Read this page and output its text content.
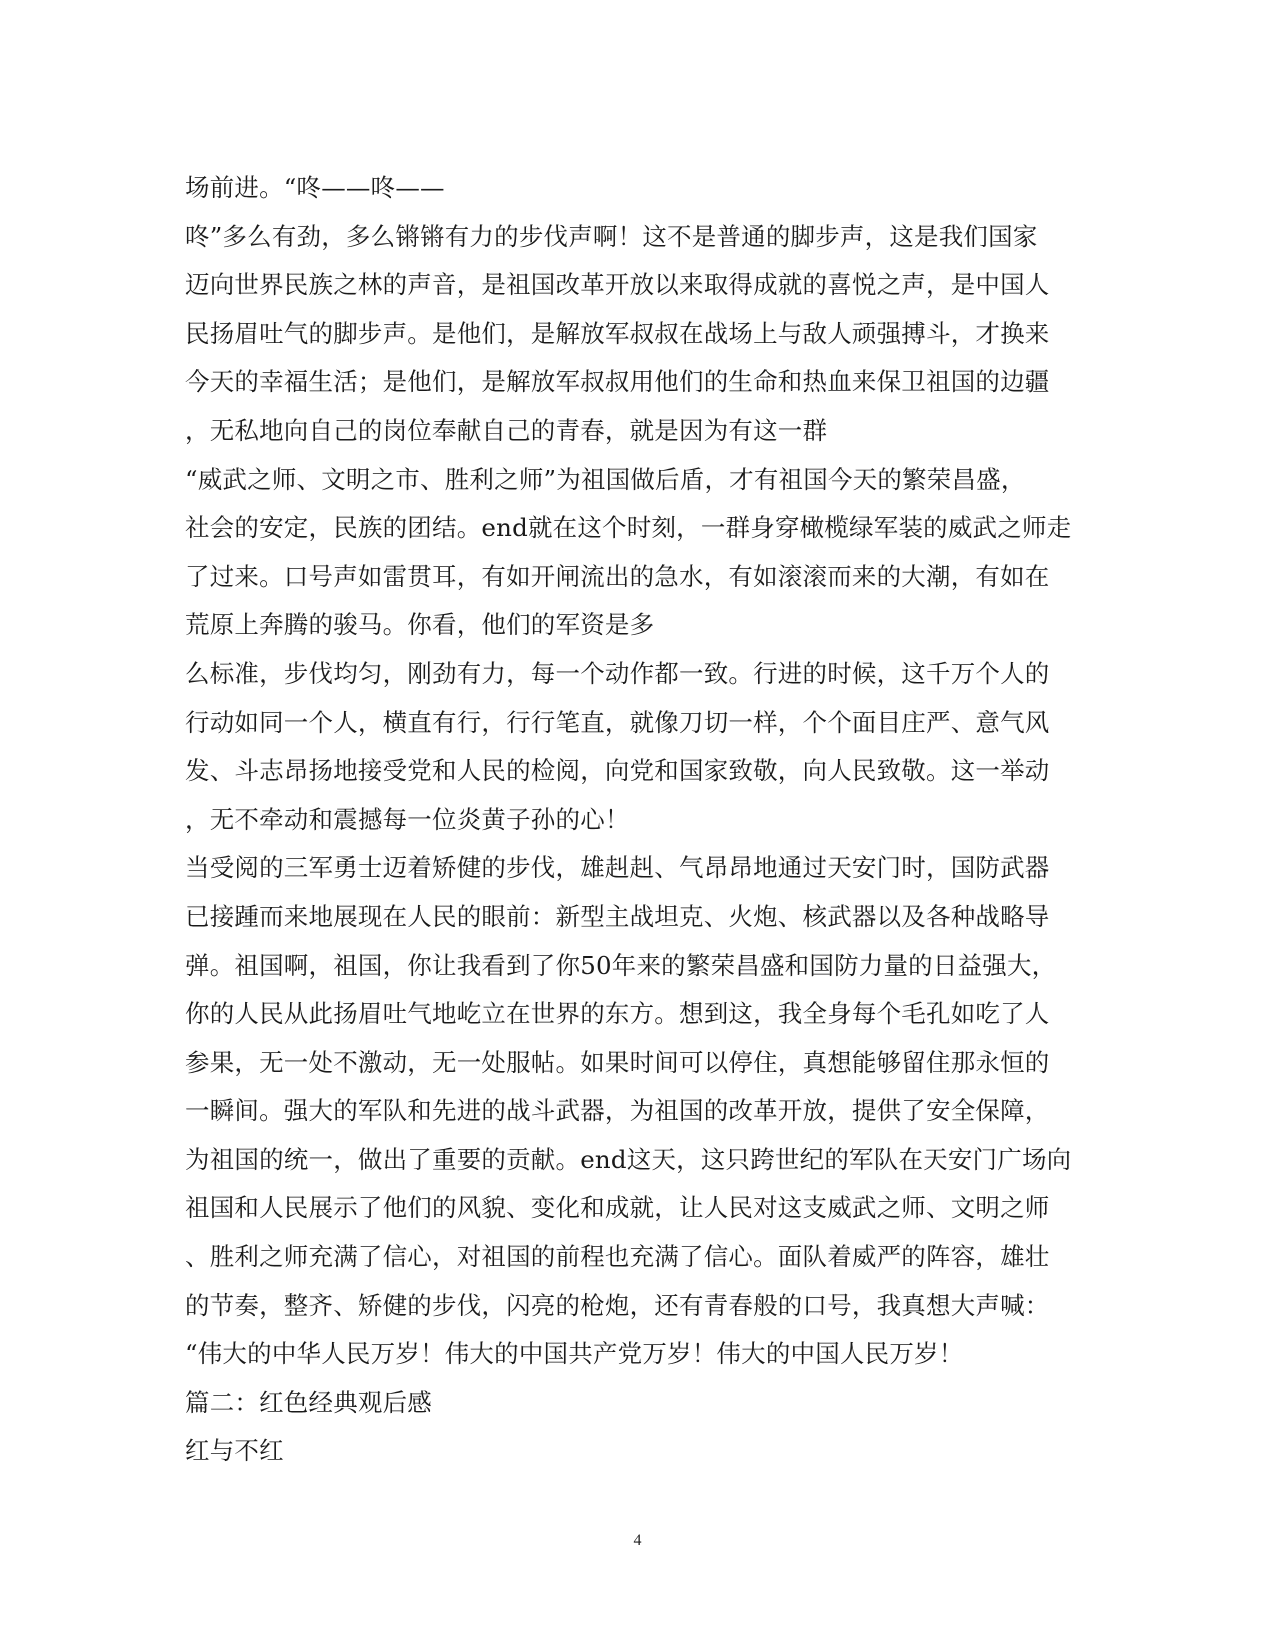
场前进。“咚——咚——
咚”多么有劲，多么锵锵有力的步伐声啊！这不是普通的脚步声，这是我们国家
迈向世界民族之林的声音，是祖国改革开放以来取得成就的喜悦之声，是中国人
民扬眉吐气的脚步声。是他们，是解放军叔叔在战场上与敌人顽强搏斗，才换来
今天的幸福生活；是他们，是解放军叔叔用他们的生命和热血来保卫祖国的边疆
，无私地向自己的岗位奉献自己的青春，就是因为有这一群
“威武之师、文明之市、胜利之师”为祖国做后盾，才有祖国今天的繁荣昌盛，
社会的安定，民族的团结。end就在这个时刻，一群身穿橄榄绿军装的威武之师走
了过来。口号声如雷贯耳，有如开闸流出的急水，有如滚滚而来的大潮，有如在
荒原上奔腾的骏马。你看，他们的军资是多
么标准，步伐均匀，刚劲有力，每一个动作都一致。行进的时候，这千万个人的
行动如同一个人，横直有行，行行笔直，就像刀切一样，个个面目庄严、意气风
发、斗志昂扬地接受党和人民的检阅，向党和国家致敬，向人民致敬。这一举动
，无不牵动和震撼每一位炎黄子孙的心！
当受阅的三军勇士迈着矫健的步伐，雄赳赳、气昂昂地通过天安门时，国防武器
已接踵而来地展现在人民的眼前：新型主战坦克、火炮、核武器以及各种战略导
弹。祖国啊，祖国，你让我看到了你50年来的繁荣昌盛和国防力量的日益强大，
你的人民从此扬眉吐气地屹立在世界的东方。想到这，我全身每个毛孔如吃了人
参果，无一处不激动，无一处服帖。如果时间可以停住，真想能够留住那永恒的
一瞬间。强大的军队和先进的战斗武器，为祖国的改革开放，提供了安全保障，
为祖国的统一，做出了重要的贡献。end这天，这只跨世纪的军队在天安门广场向
祖国和人民展示了他们的风貌、变化和成就，让人民对这支威武之师、文明之师
、胜利之师充满了信心，对祖国的前程也充满了信心。面队着威严的阵容，雄壮
的节奏，整齐、矫健的步伐，闪亮的枪炮，还有青春般的口号，我真想大声喊：
“伟大的中华人民万岁！伟大的中国共产党万岁！伟大的中国人民万岁！
篇二：红色经典观后感
红与不红
4
